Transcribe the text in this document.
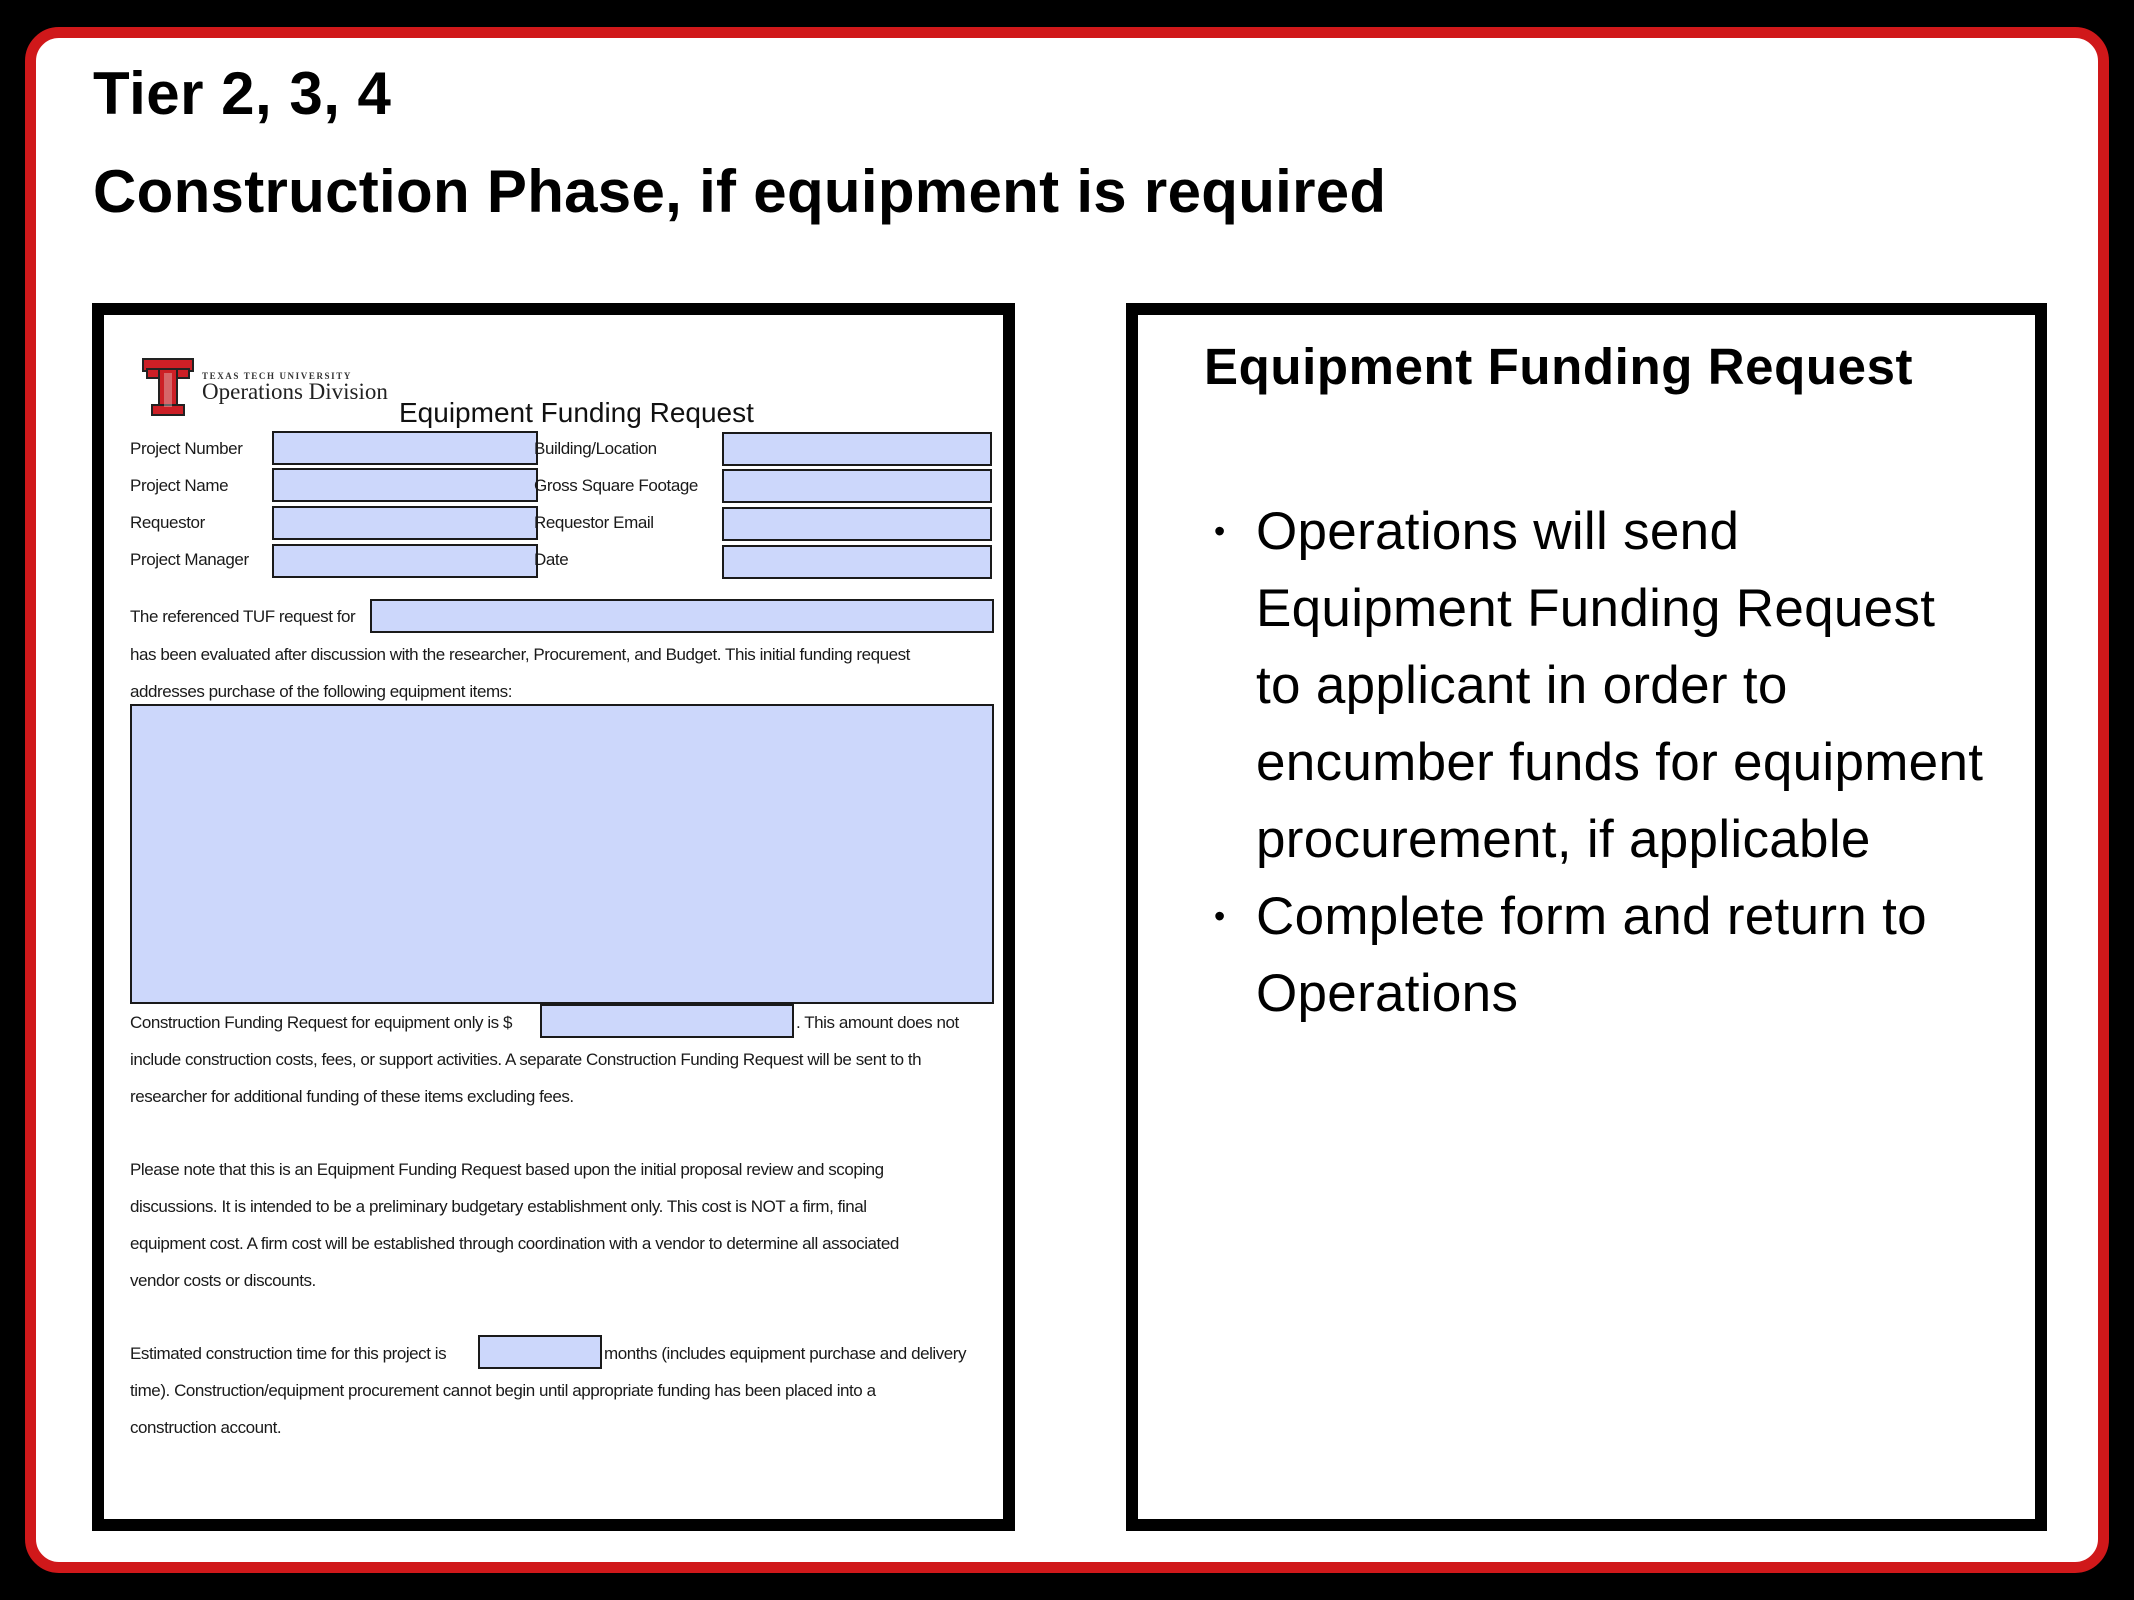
Tier 2, 3, 4
Construction Phase, if equipment is required
TEXAS TECH UNIVERSITY
Operations Division
Equipment Funding Request
Project Number
Project Name
Requestor
Project Manager
Building/Location
Gross Square Footage
Requestor Email
Date
The referenced TUF request for
has been evaluated after discussion with the researcher, Procurement, and Budget. This initial funding request
addresses purchase of the following equipment items:
Construction Funding Request for equipment only is $	. This amount does not
include construction costs, fees, or support activities. A separate Construction Funding Request will be sent to th
researcher for additional funding of these items excluding fees.
Please note that this is an Equipment Funding Request based upon the initial proposal review and scoping
discussions. It is intended to be a preliminary budgetary establishment only. This cost is NOT a firm, final
equipment cost. A firm cost will be established through coordination with a vendor to determine all associated
vendor costs or discounts.
Estimated construction time for this project is	months (includes equipment purchase and delivery
time). Construction/equipment procurement cannot begin until appropriate funding has been placed into a
construction account.
Equipment Funding Request
• Operations will send
Equipment Funding Request
to applicant in order to
encumber funds for equipment
procurement, if applicable
• Complete form and return to
Operations
